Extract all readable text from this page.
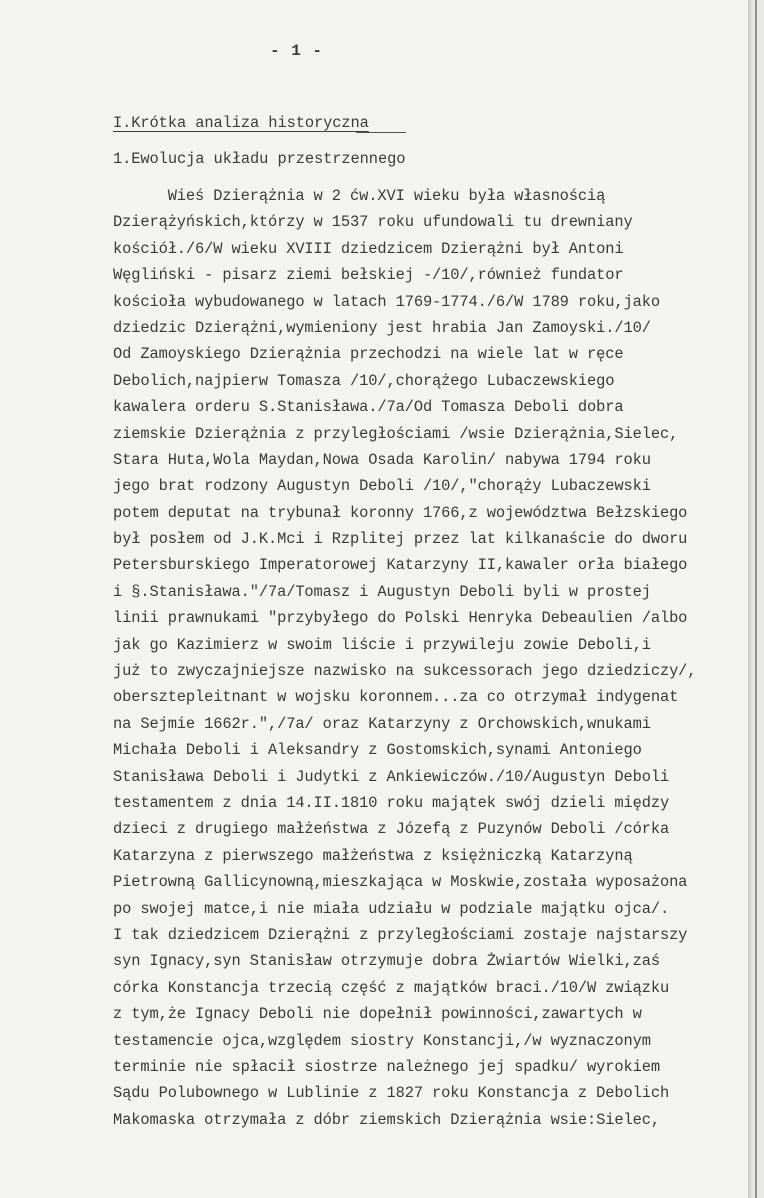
- 1 -
I.Krótka analiza historyczna
1.Ewolucja układu przestrzennego
Wieś Dzierążnia w 2 ćw.XVI wieku była własnością
Dzierążyńskich,którzy w 1537 roku ufundowali tu drewniany
kościół./6/W wieku XVIII dziedzicem Dzierążni był Antoni
Węgliński - pisarz ziemi bełskiej -/10/,również fundator
kościoła wybudowanego w latach 1769-1774./6/W 1789 roku,jako
dziedzic Dzierążni,wymieniony jest hrabia Jan Zamoyski./10/
Od Zamoyskiego Dzierążnia przechodzi na wiele lat w ręce
Debolich,najpierw Tomasza /10/,chorążego Lubaczewskiego
kawalera orderu S.Stanisława./7a/Od Tomasza Deboli dobra
ziemskie Dzierążnia z przyległościami /wsie Dzierążnia,Sielec,
Stara Huta,Wola Maydan,Nowa Osada Karolin/ nabywa 1794 roku
jego brat rodzony Augustyn Deboli /10/,"chorąży Lubaczewski
potem deputat na trybunał koronny 1766,z województwa Bełzskiego
był posłem od J.K.Mci i Rzplitej przez lat kilkanaście do dworu
Petersburskiego Imperatorowej Katarzyny II,kawaler orła białego
i §.Stanisława."/7a/Tomasz i Augustyn Deboli byli w prostej
linii prawnukami "przybyłego do Polski Henryka Debeaulien /albo
jak go Kazimierz w swoim liście i przywileju zowie Deboli,i
już to zwyczajniejsze nazwisko na sukcessorach jego dziedziczy/,
obersztерleitnant w wojsku koronnem...za co otrzymał indygenat
na Sejmie 1662r.",/7a/ oraz Katarzyny z Orchowskich,wnukami
Michała Deboli i Aleksandry z Gostomskich,synami Antoniego
Stanisława Deboli i Judytki z Ankiewiczów./10/Augustyn Deboli
testamentem z dnia 14.II.1810 roku majątek swój dzieli między
dzieci z drugiego małżeństwa z Józefą z Puzynów Deboli /córka
Katarzyna z pierwszego małżeństwa z księżniczką Katarzyną
Pietrowną Gallicynowną,mieszkająca w Moskwie,została wyposażona
po swojej matce,i nie miała udziału w podziale majątku ojca/.
I tak dziedzicem Dzierążni z przyległościami zostaje najstarszy
syn Ignacy,syn Stanisław otrzymuje dobra Żwiartów Wielki,zaś
córka Konstancja trzecią część z majątków braci./10/W związku
z tym,że Ignacy Deboli nie dopełnił powinności,zawartych w
testamencie ojca,względem siostry Konstancji,/w wyznaczonym
terminie nie spłacił siostrze należnego jej spadku/ wyrokiem
Sądu Polubownego w Lublinie z 1827 roku Konstancja z Debolich
Makomaska otrzymała z dóbr ziemskich Dzierążnia wsie:Sielec,
